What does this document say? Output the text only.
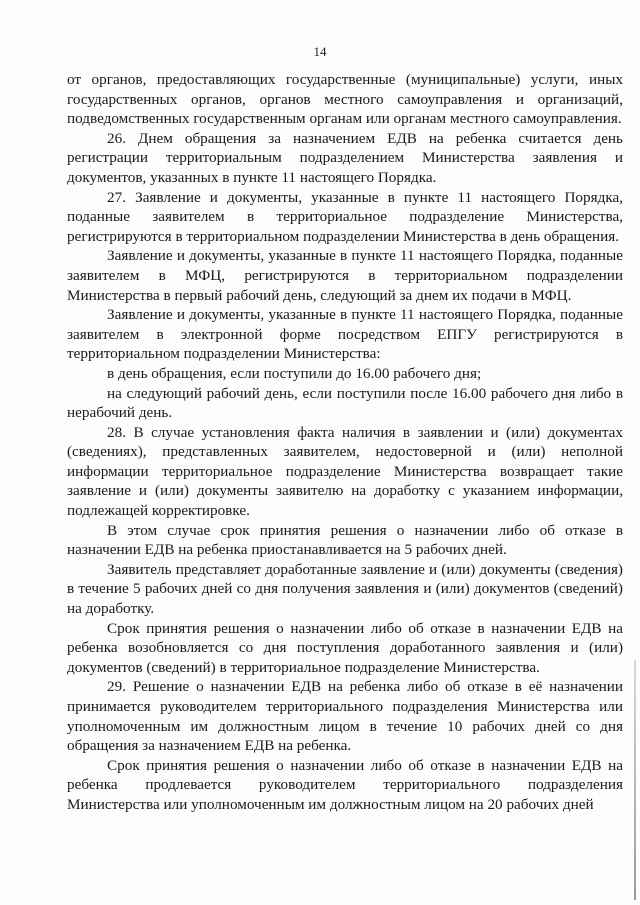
14

от органов, предоставляющих государственные (муниципальные) услуги, иных государственных органов, органов местного самоуправления и организаций, подведомственных государственным органам или органам местного самоуправления.

26. Днем обращения за назначением ЕДВ на ребенка считается день регистрации территориальным подразделением Министерства заявления и документов, указанных в пункте 11 настоящего Порядка.

27. Заявление и документы, указанные в пункте 11 настоящего Порядка, поданные заявителем в территориальное подразделение Министерства, регистрируются в территориальном подразделении Министерства в день обращения.

Заявление и документы, указанные в пункте 11 настоящего Порядка, поданные заявителем в МФЦ, регистрируются в территориальном подразделении Министерства в первый рабочий день, следующий за днем их подачи в МФЦ.

Заявление и документы, указанные в пункте 11 настоящего Порядка, поданные заявителем в электронной форме посредством ЕПГУ регистрируются в территориальном подразделении Министерства:

в день обращения, если поступили до 16.00 рабочего дня;

на следующий рабочий день, если поступили после 16.00 рабочего дня либо в нерабочий день.

28. В случае установления факта наличия в заявлении и (или) документах (сведениях), представленных заявителем, недостоверной и (или) неполной информации территориальное подразделение Министерства возвращает такие заявление и (или) документы заявителю на доработку с указанием информации, подлежащей корректировке.

В этом случае срок принятия решения о назначении либо об отказе в назначении ЕДВ на ребенка приостанавливается на 5 рабочих дней.

Заявитель представляет доработанные заявление и (или) документы (сведения) в течение 5 рабочих дней со дня получения заявления и (или) документов (сведений) на доработку.

Срок принятия решения о назначении либо об отказе в назначении ЕДВ на ребенка возобновляется со дня поступления доработанного заявления и (или) документов (сведений) в территориальное подразделение Министерства.

29. Решение о назначении ЕДВ на ребенка либо об отказе в её назначении принимается руководителем территориального подразделения Министерства или уполномоченным им должностным лицом в течение 10 рабочих дней со дня обращения за назначением ЕДВ на ребенка.

Срок принятия решения о назначении либо об отказе в назначении ЕДВ на ребенка продлевается руководителем территориального подразделения Министерства или уполномоченным им должностным лицом на 20 рабочих дней
